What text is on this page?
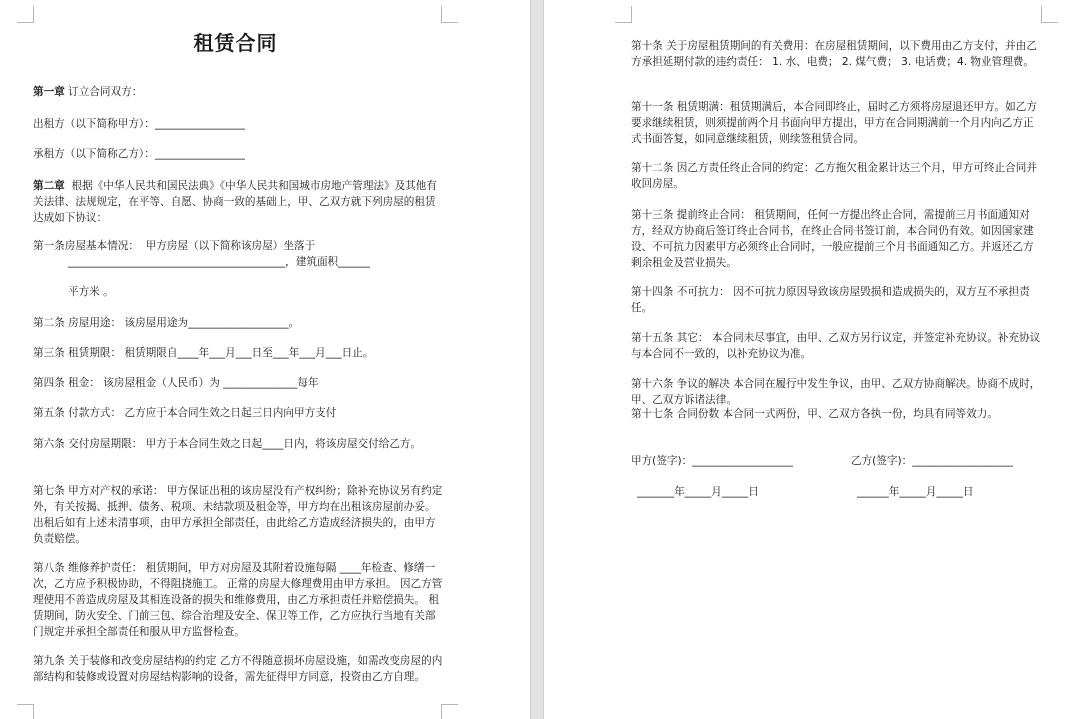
租赁合同
第一章 订立合同双方：
出租方（以下简称甲方）：_________________
承租方（以下简称乙方）：_________________
第二章  根据《中华人民共和国民法典》《中华人民共和国城市房地产管理法》及其他有关法律、法规规定，在平等、自愿、协商一致的基础上，甲、乙双方就下列房屋的租赁达成如下协议：
第一条房屋基本情况：  甲方房屋（以下简称该房屋）坐落于
_________________________________________，建筑面积______
平方米 。
第二条 房屋用途： 该房屋用途为___________________。
第三条 租赁期限： 租赁期限自____年___月___日至___年___月___日止。
第四条 租金： 该房屋租金（人民币）为 ______________每年
第五条 付款方式： 乙方应于本合同生效之日起三日内向甲方支付
第六条 交付房屋期限： 甲方于本合同生效之日起____日内，将该房屋交付给乙方。
第七条 甲方对产权的承诺： 甲方保证出租的该房屋没有产权纠纷；除补充协议另有约定外，有关按揭、抵押、债务、税项、未结款项及租金等，甲方均在出租该房屋前办妥。出租后如有上述未清事项，由甲方承担全部责任，由此给乙方造成经济损失的，由甲方负责赔偿。
第八条 维修养护责任： 租赁期间，甲方对房屋及其附着设施每隔 ____年检查、修缮一次，乙方应予积极协助，不得阻挠施工。 正常的房屋大修理费用由甲方承担。 因乙方管理使用不善造成房屋及其相连设备的损失和维修费用，由乙方承担责任并赔偿损失。 租赁期间，防火安全、门前三包、综合治理及安全、保卫等工作，乙方应执行当地有关部门规定并承担全部责任和服从甲方监督检查。
第九条 关于装修和改变房屋结构的约定 乙方不得随意损坏房屋设施，如需改变房屋的内部结构和装修或设置对房屋结构影响的设备，需先征得甲方同意，投资由乙方自理。
第十条 关于房屋租赁期间的有关费用：在房屋租赁期间，以下费用由乙方支付，并由乙方承担延期付款的违约责任： 1. 水、电费； 2. 煤气费； 3. 电话费；4. 物业管理费。
第十一条 租赁期满：租赁期满后，本合同即终止，届时乙方须将房屋退还甲方。如乙方要求继续租赁，则须提前两个月书面向甲方提出，甲方在合同期满前一个月内向乙方正式书面答复，如同意继续租赁，则续签租赁合同。
第十二条 因乙方责任终止合同的约定：乙方拖欠租金累计达三个月，甲方可终止合同并收回房屋。
第十三条 提前终止合同： 租赁期间，任何一方提出终止合同，需提前三月书面通知对方，经双方协商后签订终止合同书，在终止合同书签订前，本合同仍有效。如因国家建设、不可抗力因素甲方必须终止合同时，一般应提前三个月书面通知乙方。并返还乙方剩余租金及营业损失。
第十四条 不可抗力： 因不可抗力原因导致该房屋毁损和造成损失的，双方互不承担责任。
第十五条 其它： 本合同未尽事宜，由甲、乙双方另行议定，并签定补充协议。补充协议与本合同不一致的，以补充协议为准。
第十六条 争议的解决 本合同在履行中发生争议，由甲、乙双方协商解决。协商不成时，甲、乙双方诉诸法律。
第十七条 合同份数 本合同一式两份，甲、乙双方各执一份，均具有同等效力。
甲方(签字)：___________________	乙方(签字)：___________________
_______年_____月_____日	______年_____月_____日
